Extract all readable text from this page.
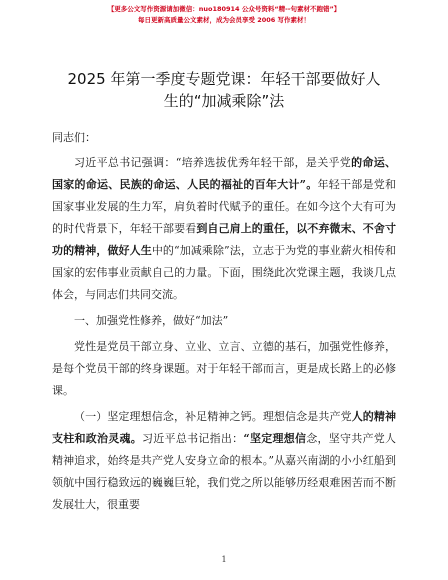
【更多公文写作资源请加微信：nuo180914 公众号资料“精--句素材不跑错”】
每日更新高质量公文素材，成为会员享受 2006 写作素材！
2025 年第一季度专题党课：年轻干部要做好人
生的“加减乘除”法
同志们：

习近平总书记强调：“培养选拔优秀年轻干部，是关乎党的命运、国家的命运、民族的命运、人民的福祉的百年大计”。年轻干部是党和国家事业发展的生力军，肩负着时代赋予的重任。在如今这个大有可为的时代背景下，年轻干部要看到自己肩上的重任，以不弃微末、不舍寸功的精神，做好人生中的“加减乘除”法，立志于为党的事业薪火相传和国家的宏伟事业贡献自己的力量。下面，围绕此次党课主题，我谈几点体会，与同志们共同交流。

一、加强党性修养，做好“加法”

党性是党员干部立身、立业、立言、立德的基石，加强党性修养，是每个党员干部的终身课题。对于年轻干部而言，更是成长路上的必修课。

（一）坚定理想信念，补足精神之钙。理想信念是共产党人的精神支柱和政治灵魂。习近平总书记指出：“坚定理想信念，坚守共产党人精神追求，始终是共产党人安身立命的根本。”从嘉兴南湖的小小红船到领航中国行稳致远的巍巍巨轮，我们党之所以能够历经艰难困苦而不断发展壮大，很重要

1
